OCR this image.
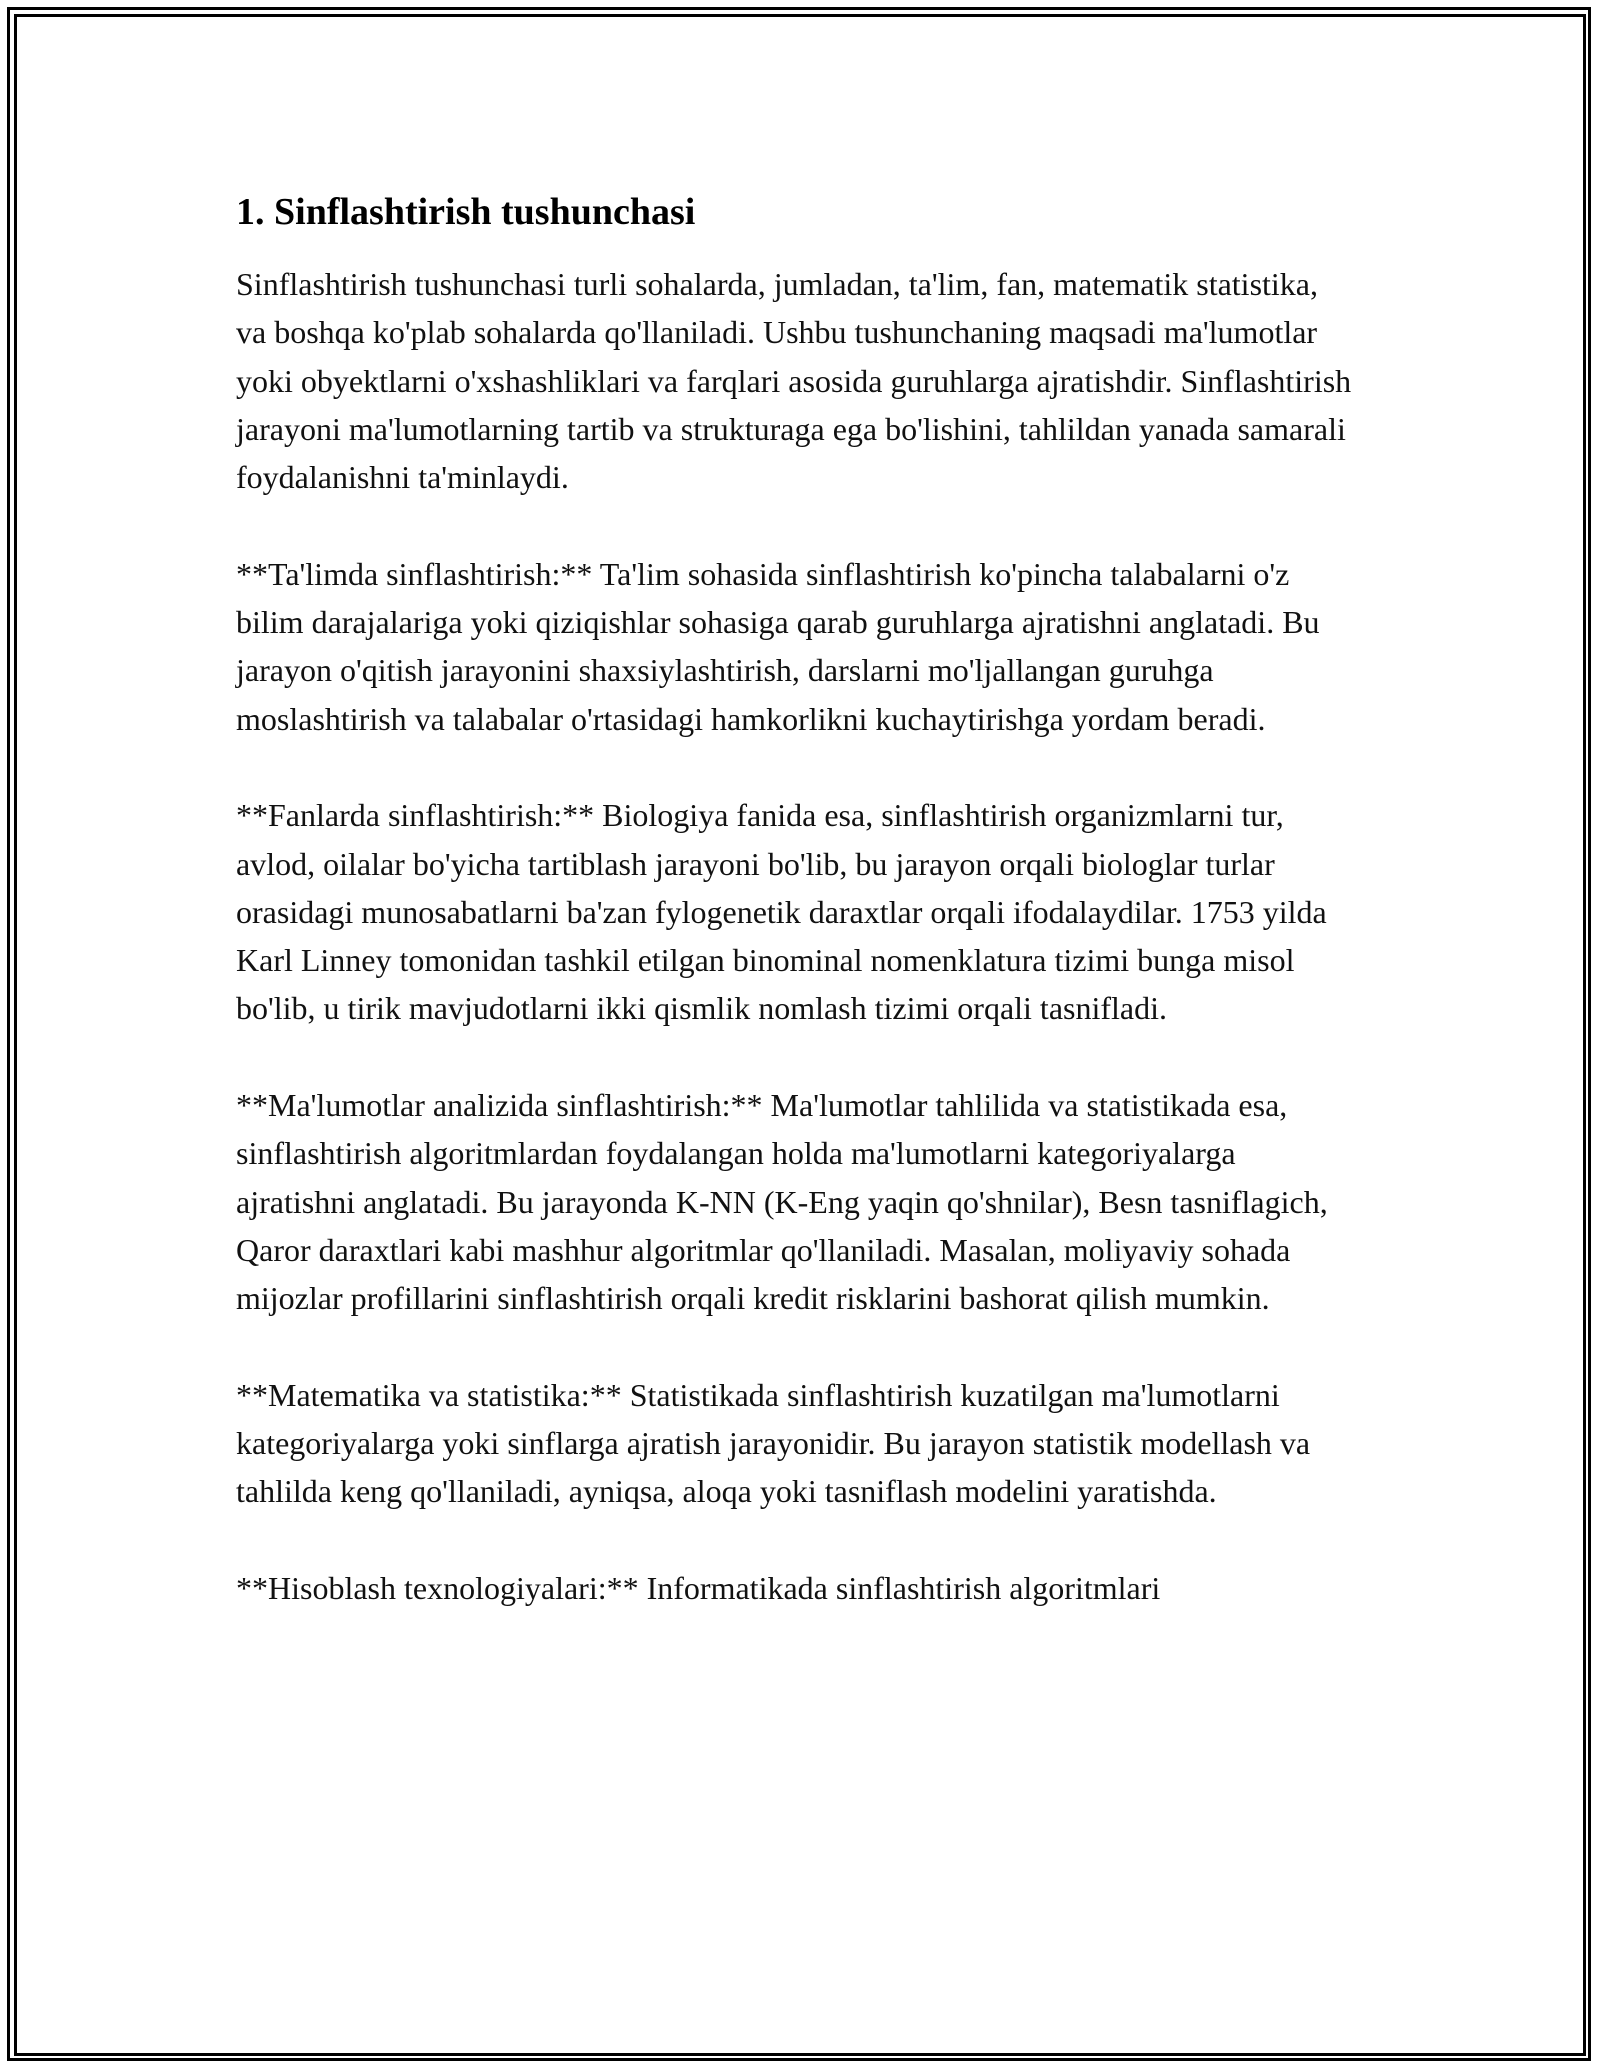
1. Sinflashtirish tushunchasi

Sinflashtirish tushunchasi turli sohalarda, jumladan, ta'lim, fan, matematik statistika, va boshqa ko'plab sohalarda qo'llaniladi. Ushbu tushunchaning maqsadi ma'lumotlar yoki obyektlarni o'xshashliklari va farqlari asosida guruhlarga ajratishdir. Sinflashtirish jarayoni ma'lumotlarning tartib va strukturaga ega bo'lishini, tahlildan yanada samarali foydalanishni ta'minlaydi.

**Ta'limda sinflashtirish:** Ta'lim sohasida sinflashtirish ko'pincha talabalarni o'z bilim darajalariga yoki qiziqishlar sohasiga qarab guruhlarga ajratishni anglatadi. Bu jarayon o'qitish jarayonini shaxsiylashtirish, darslarni mo'ljallangan guruhga moslashtirish va talabalar o'rtasidagi hamkorlikni kuchaytirishga yordam beradi.

**Fanlarda sinflashtirish:** Biologiya fanida esa, sinflashtirish organizmlarni tur, avlod, oilalar bo'yicha tartiblash jarayoni bo'lib, bu jarayon orqali biologlar turlar orasidagi munosabatlarni ba'zan fylogenetik daraxtlar orqali ifodalaydilar. 1753 yilda Karl Linney tomonidan tashkil etilgan binominal nomenklatura tizimi bunga misol bo'lib, u tirik mavjudotlarni ikki qismlik nomlash tizimi orqali tasnifladi.

**Ma'lumotlar analizida sinflashtirish:** Ma'lumotlar tahlilida va statistikada esa, sinflashtirish algoritmlardan foydalangan holda ma'lumotlarni kategoriyalarga ajratishni anglatadi. Bu jarayonda K-NN (K-Eng yaqin qo'shnilar), Besn tasniflagich, Qaror daraxtlari kabi mashhur algoritmlar qo'llaniladi. Masalan, moliyaviy sohada mijozlar profillarini sinflashtirish orqali kredit risklarini bashorat qilish mumkin.

**Matematika va statistika:** Statistikada sinflashtirish kuzatilgan ma'lumotlarni kategoriyalarga yoki sinflarga ajratish jarayonidir. Bu jarayon statistik modellash va tahlilda keng qo'llaniladi, ayniqsa, aloqa yoki tasniflash modelini yaratishda.

**Hisoblash texnologiyalari:** Informatikada sinflashtirish algoritmlari
